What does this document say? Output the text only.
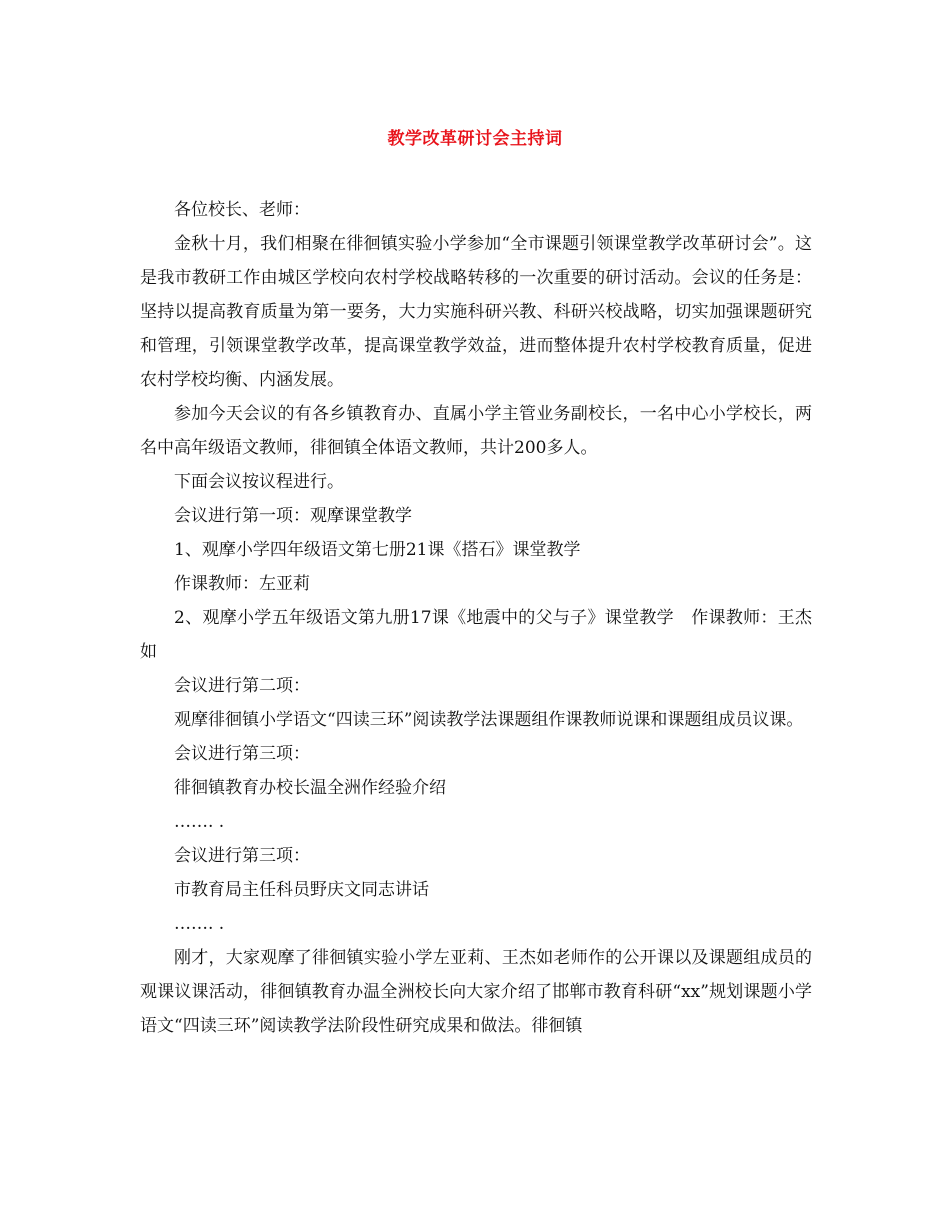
教学改革研讨会主持词

各位校长、老师：

金秋十月，我们相聚在徘徊镇实验小学参加“全市课题引领课堂教学改革研讨会”。这是我市教研工作由城区学校向农村学校战略转移的一次重要的研讨活动。会议的任务是：坚持以提高教育质量为第一要务，大力实施科研兴教、科研兴校战略，切实加强课题研究和管理，引领课堂教学改革，提高课堂教学效益，进而整体提升农村学校教育质量，促进农村学校均衡、内涵发展。

参加今天会议的有各乡镇教育办、直属小学主管业务副校长，一名中心小学校长，两名中高年级语文教师，徘徊镇全体语文教师，共计200多人。

下面会议按议程进行。

会议进行第一项：观摩课堂教学

1、观摩小学四年级语文第七册21课《搭石》课堂教学

作课教师：左亚莉

2、观摩小学五年级语文第九册17课《地震中的父与子》课堂教学　作课教师：王杰如

会议进行第二项：

观摩徘徊镇小学语文“四读三环”阅读教学法课题组作课教师说课和课题组成员议课。

会议进行第三项：

徘徊镇教育办校长温全洲作经验介绍

……. .

会议进行第三项：

市教育局主任科员野庆文同志讲话

……. .

刚才，大家观摩了徘徊镇实验小学左亚莉、王杰如老师作的公开课以及课题组成员的观课议课活动，徘徊镇教育办温全洲校长向大家介绍了邯郸市教育科研“xx”规划课题小学语文“四读三环”阅读教学法阶段性研究成果和做法。徘徊镇
